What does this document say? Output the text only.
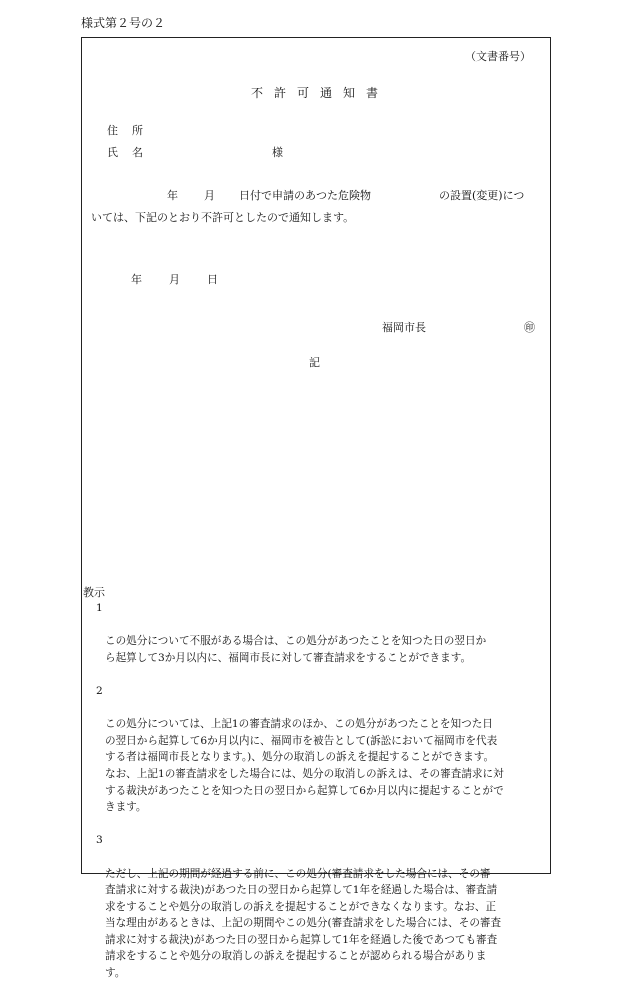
様式第２号の２
（文書番号）
不許可通知書
住所
氏名	様
年 月 日付で申請のあつた危険物	の設置(変更)につ
いては、下記のとおり不許可としたので通知します。
年 月 日
福岡市長	㊞
記
教示

1

この処分について不服がある場合は、この処分があつたことを知つた日の翌日か
ら起算して3か月以内に、福岡市長に対して審査請求をすることができます。

2

この処分については、上記1の審査請求のほか、この処分があつたことを知つた日
の翌日から起算して6か月以内に、福岡市を被告として(訴訟において福岡市を代表
する者は福岡市長となります。)、処分の取消しの訴えを提起することができます。
なお、上記1の審査請求をした場合には、処分の取消しの訴えは、その審査請求に対
する裁決があつたことを知つた日の翌日から起算して6か月以内に提起することがで
きます。

3

ただし、上記の期間が経過する前に、この処分(審査請求をした場合には、その審
査請求に対する裁決)があつた日の翌日から起算して1年を経過した場合は、審査請
求をすることや処分の取消しの訴えを提起することができなくなります。なお、正
当な理由があるときは、上記の期間やこの処分(審査請求をした場合には、その審査
請求に対する裁決)があつた日の翌日から起算して1年を経過した後であつても審査
請求をすることや処分の取消しの訴えを提起することが認められる場合がありま
す。
